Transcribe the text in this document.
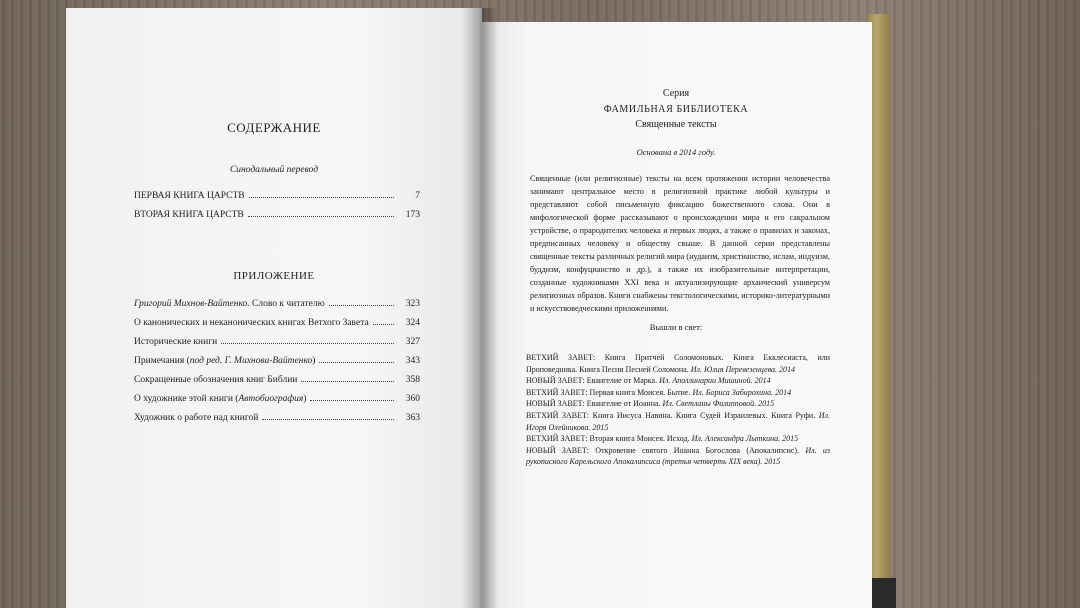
СОДЕРЖАНИЕ
Синодальный перевод
ПЕРВАЯ КНИГА ЦАРСТВ	7
ВТОРАЯ КНИГА ЦАРСТВ	173
ПРИЛОЖЕНИЕ
Григорий Михнов-Вайтенко. Слово к читателю	323
О канонических и неканонических книгах Ветхого Завета	324
Исторические книги	327
Примечания (под ред. Г. Михнова-Вайтенко)	343
Сокращенные обозначения книг Библии	358
О художнике этой книги (Автобиография)	360
Художник о работе над книгой	363
Серия
ФАМИЛЬНАЯ БИБЛИОТЕКА
Священные тексты
Основана в 2014 году.

Священные (или религиозные) тексты на всем протяжении истории человечества занимают центральное место в религиозной практике любой культуры и представляют собой письменную фиксацию божественного слова. Они в мифологической форме рассказывают о происхождении мира и его сакральном устройстве, о прародителях человека и первых людях, а также о правилах и законах, предписанных человеку и обществу свыше. В данной серии представлены священные тексты различных религий мира (иудаизм, христианство, ислам, индуизм, буддизм, конфуцианство и др.), а также их изобразительные интерпретации, созданные художниками XXI века и актуализирующие архаический универсум религиозных образов. Книги снабжены текстологическими, историко-литературными и искусствоведческими приложениями.

Вышли в свет:

ВЕТХИЙ ЗАВЕТ: Книга Притчей Соломоновых. Книга Екклесиаста, или Проповедника. Книга Песни Песней Соломона. Ил. Юлия Перевезенцева. 2014

НОВЫЙ ЗАВЕТ: Евангелие от Марка. Ил. Аполлинарии Мишиной. 2014

ВЕТХИЙ ЗАВЕТ: Первая книга Моисея. Бытие. Ил. Бориса Забирохина. 2014

НОВЫЙ ЗАВЕТ: Евангелие от Иоанна. Ил. Светланы Филипповой. 2015

ВЕТХИЙ ЗАВЕТ: Книга Иисуса Навина. Книга Судей Израилевых. Книга Руфи. Ил. Игоря Олейникова. 2015

ВЕТХИЙ ЗАВЕТ: Вторая книга Моисея. Исход. Ил. Александра Лыткина. 2015

НОВЫЙ ЗАВЕТ: Откровение святого Иоанна Богослова (Апокалипсис). Ил. из рукописного Карельского Апокалипсиса (третья четверть XIX века). 2015
